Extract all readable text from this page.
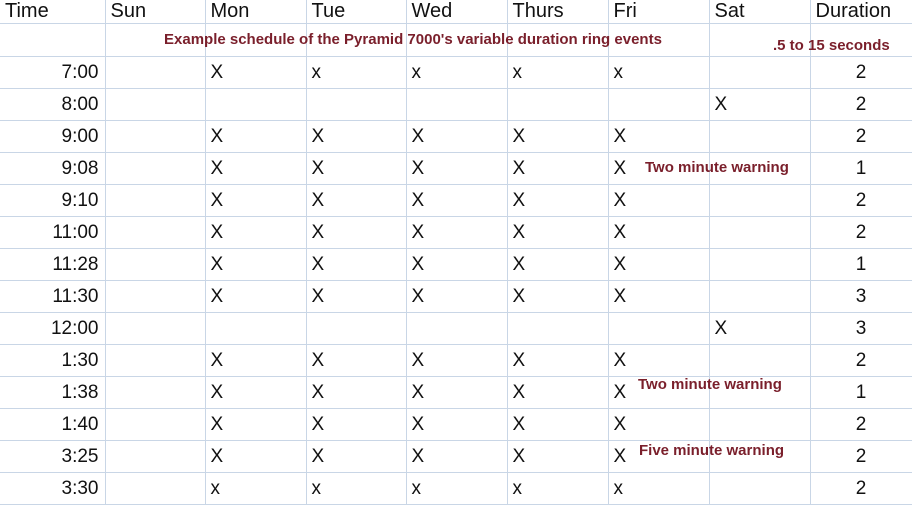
Time	Sun	Mon	Tue	Wed	Thurs	Fri	Sat	Duration

7:00		X	x	x	x	x		2
8:00							X	2
9:00		X	X	X	X	X		2
9:08		X	X	X	X	X		1
9:10		X	X	X	X	X		2
11:00		X	X	X	X	X		2
11:28		X	X	X	X	X		1
11:30		X	X	X	X	X		3
12:00							X	3
1:30		X	X	X	X	X		2
1:38		X	X	X	X	X		1
1:40		X	X	X	X	X		2
3:25		X	X	X	X	X		2
3:30		x	x	x	x	x		2
Example schedule of the Pyramid 7000's variable duration ring events	.5 to 15 seconds
Two minute warning
Two minute warning
Five minute warning
